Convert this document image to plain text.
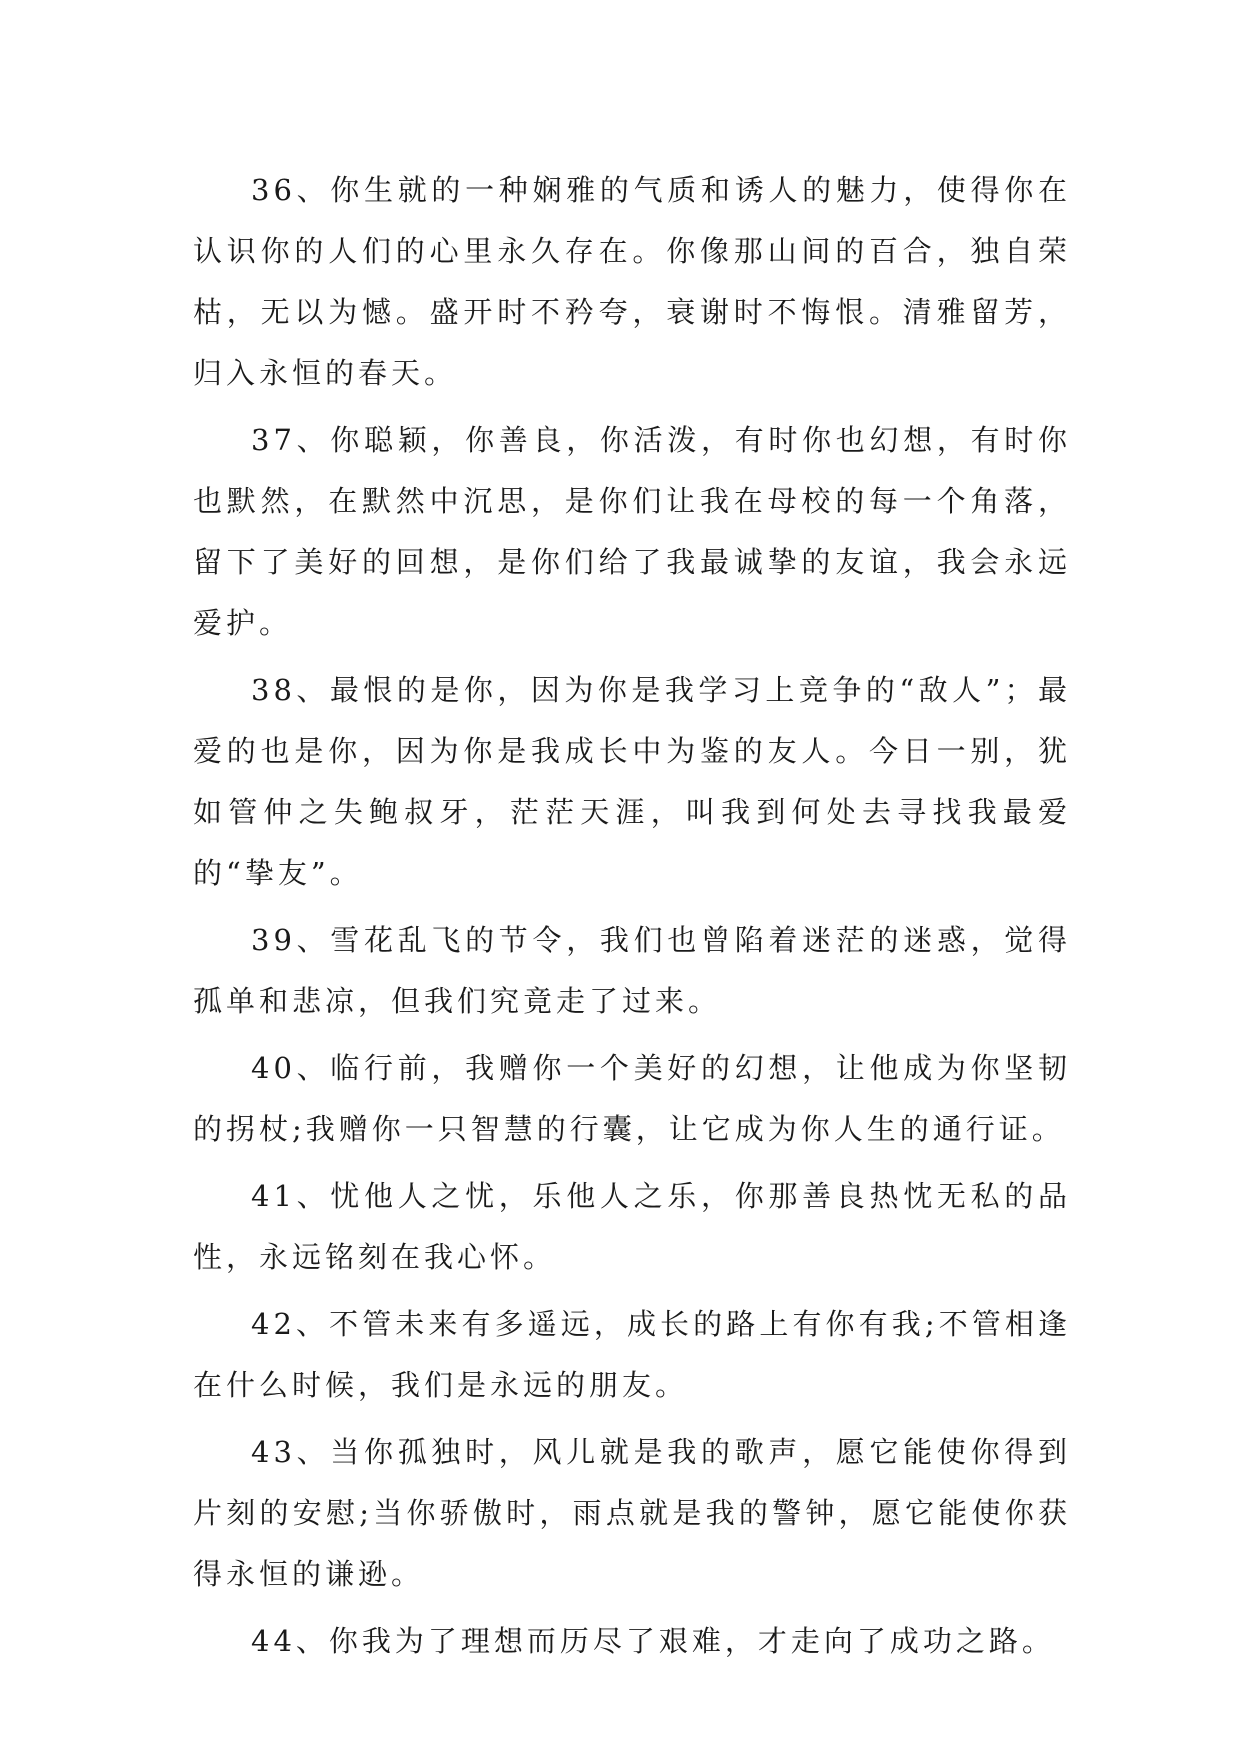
36、你生就的一种娴雅的气质和诱人的魅力，使得你在认识你的人们的心里永久存在。你像那山间的百合，独自荣枯，无以为憾。盛开时不矜夸，衰谢时不悔恨。清雅留芳，归入永恒的春天。

37、你聪颖，你善良，你活泼，有时你也幻想，有时你也默然，在默然中沉思，是你们让我在母校的每一个角落，留下了美好的回想，是你们给了我最诚挚的友谊，我会永远爱护。

38、最恨的是你，因为你是我学习上竞争的“敌人”；最爱的也是你，因为你是我成长中为鉴的友人。今日一别，犹如管仲之失鲍叔牙，茫茫天涯，叫我到何处去寻找我最爱的“挚友”。

39、雪花乱飞的节令，我们也曾陷着迷茫的迷惑，觉得孤单和悲凉，但我们究竟走了过来。

40、临行前，我赠你一个美好的幻想，让他成为你坚韧的拐杖;我赠你一只智慧的行囊，让它成为你人生的通行证。

41、忧他人之忧，乐他人之乐，你那善良热忱无私的品性，永远铭刻在我心怀。

42、不管未来有多遥远，成长的路上有你有我;不管相逢在什么时候，我们是永远的朋友。

43、当你孤独时，风儿就是我的歌声，愿它能使你得到片刻的安慰;当你骄傲时，雨点就是我的警钟，愿它能使你获得永恒的谦逊。

44、你我为了理想而历尽了艰难，才走向了成功之路。
